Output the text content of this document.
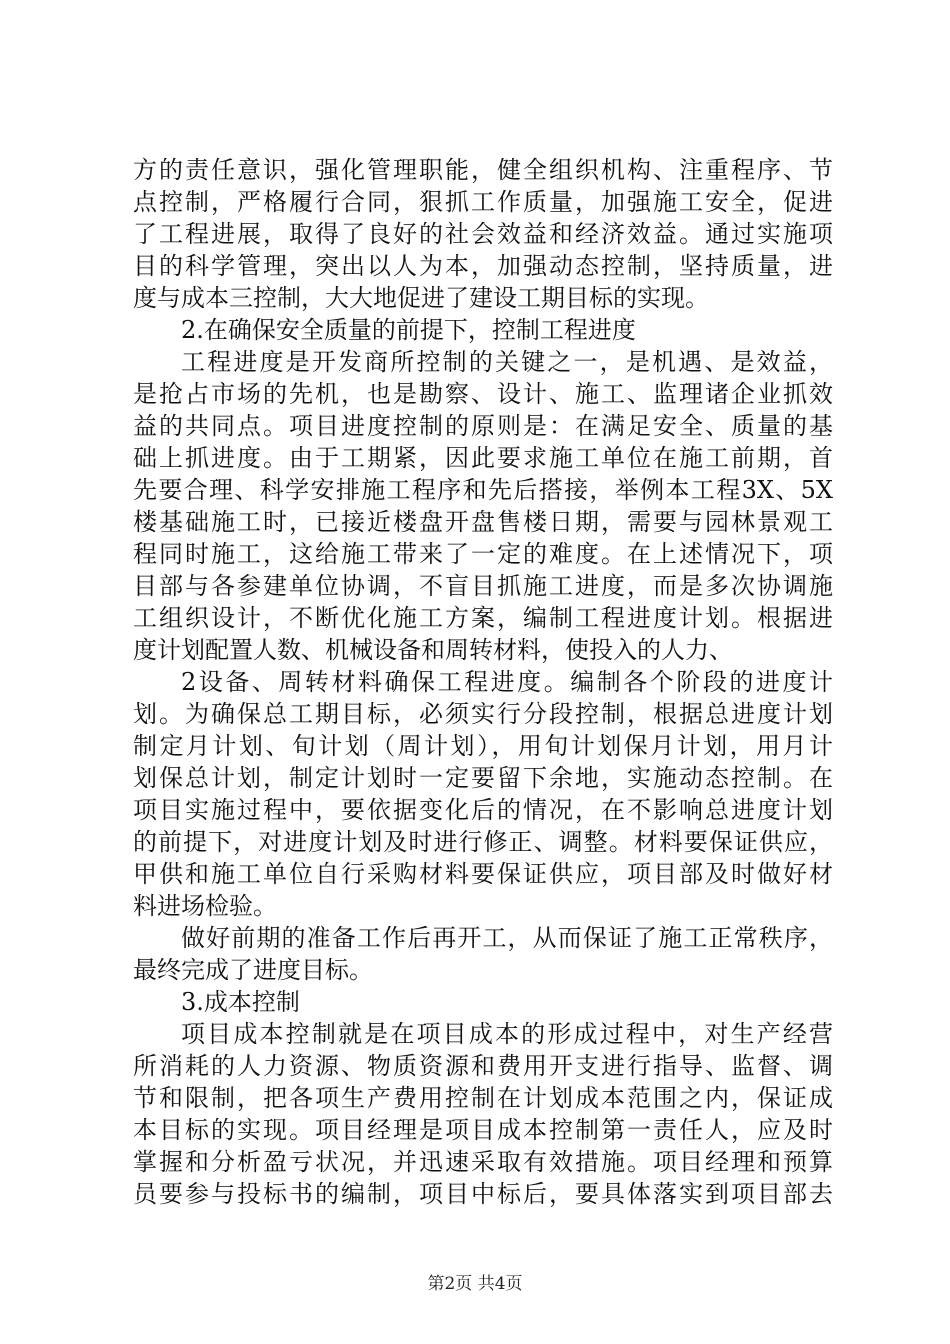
方的责任意识，强化管理职能，健全组织机构、注重程序、节
点控制，严格履行合同，狠抓工作质量，加强施工安全，促进
了工程进展，取得了良好的社会效益和经济效益。通过实施项
目的科学管理，突出以人为本，加强动态控制，坚持质量，进
度与成本三控制，大大地促进了建设工期目标的实现。
2.在确保安全质量的前提下，控制工程进度
工程进度是开发商所控制的关键之一，是机遇、是效益，
是抢占市场的先机，也是勘察、设计、施工、监理诸企业抓效
益的共同点。项目进度控制的原则是：在满足安全、质量的基
础上抓进度。由于工期紧，因此要求施工单位在施工前期，首
先要合理、科学安排施工程序和先后搭接，举例本工程3X、5X
楼基础施工时，已接近楼盘开盘售楼日期，需要与园林景观工
程同时施工，这给施工带来了一定的难度。在上述情况下，项
目部与各参建单位协调，不盲目抓施工进度，而是多次协调施
工组织设计，不断优化施工方案，编制工程进度计划。根据进
度计划配置人数、机械设备和周转材料，使投入的人力、
2设备、周转材料确保工程进度。编制各个阶段的进度计
划。为确保总工期目标，必须实行分段控制，根据总进度计划
制定月计划、旬计划（周计划），用旬计划保月计划，用月计
划保总计划，制定计划时一定要留下余地，实施动态控制。在
项目实施过程中，要依据变化后的情况，在不影响总进度计划
的前提下，对进度计划及时进行修正、调整。材料要保证供应，
甲供和施工单位自行采购材料要保证供应，项目部及时做好材
料进场检验。
做好前期的准备工作后再开工，从而保证了施工正常秩序，
最终完成了进度目标。
3.成本控制
项目成本控制就是在项目成本的形成过程中，对生产经营
所消耗的人力资源、物质资源和费用开支进行指导、监督、调
节和限制，把各项生产费用控制在计划成本范围之内，保证成
本目标的实现。项目经理是项目成本控制第一责任人，应及时
掌握和分析盈亏状况，并迅速采取有效措施。项目经理和预算
员要参与投标书的编制，项目中标后，要具体落实到项目部去
第2页 共4页
